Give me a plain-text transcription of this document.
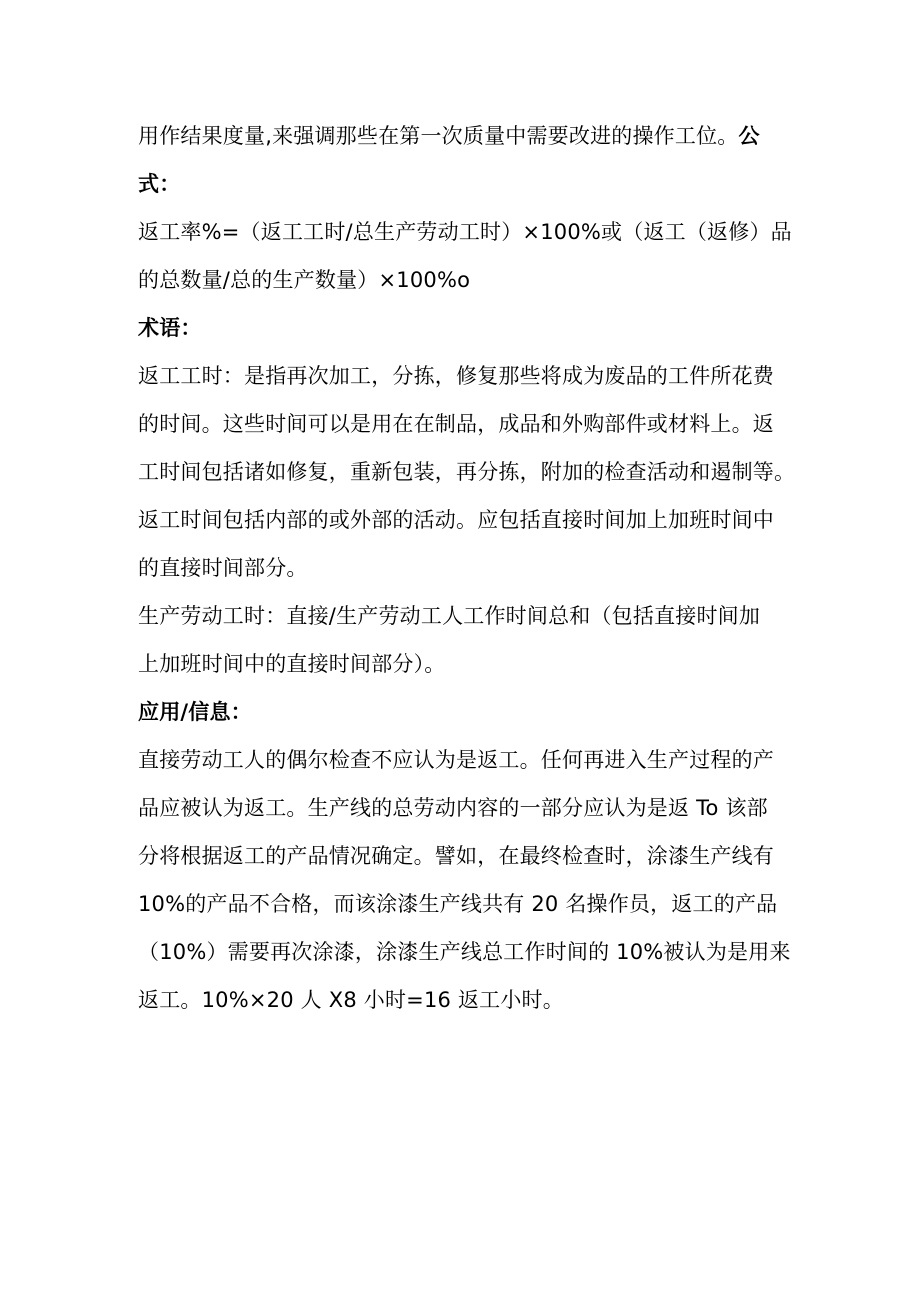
用作结果度量,来强调那些在第一次质量中需要改进的操作工位。公
式：
返工率%=（返工工时/总生产劳动工时）×100%或（返工（返修）品
的总数量/总的生产数量）×100%o
术语：
返工工时：是指再次加工，分拣，修复那些将成为废品的工件所花费
的时间。这些时间可以是用在在制品，成品和外购部件或材料上。返
工时间包括诸如修复，重新包装，再分拣，附加的检查活动和遏制等。
返工时间包括内部的或外部的活动。应包括直接时间加上加班时间中
的直接时间部分。
生产劳动工时：直接/生产劳动工人工作时间总和（包括直接时间加
上加班时间中的直接时间部分）。
应用/信息：
直接劳动工人的偶尔检查不应认为是返工。任何再进入生产过程的产
品应被认为返工。生产线的总劳动内容的一部分应认为是返 To 该部
分将根据返工的产品情况确定。譬如，在最终检查时，涂漆生产线有
10%的产品不合格，而该涂漆生产线共有 20 名操作员，返工的产品
（10%）需要再次涂漆，涂漆生产线总工作时间的 10%被认为是用来
返工。10%×20 人 X8 小时=16 返工小时。
